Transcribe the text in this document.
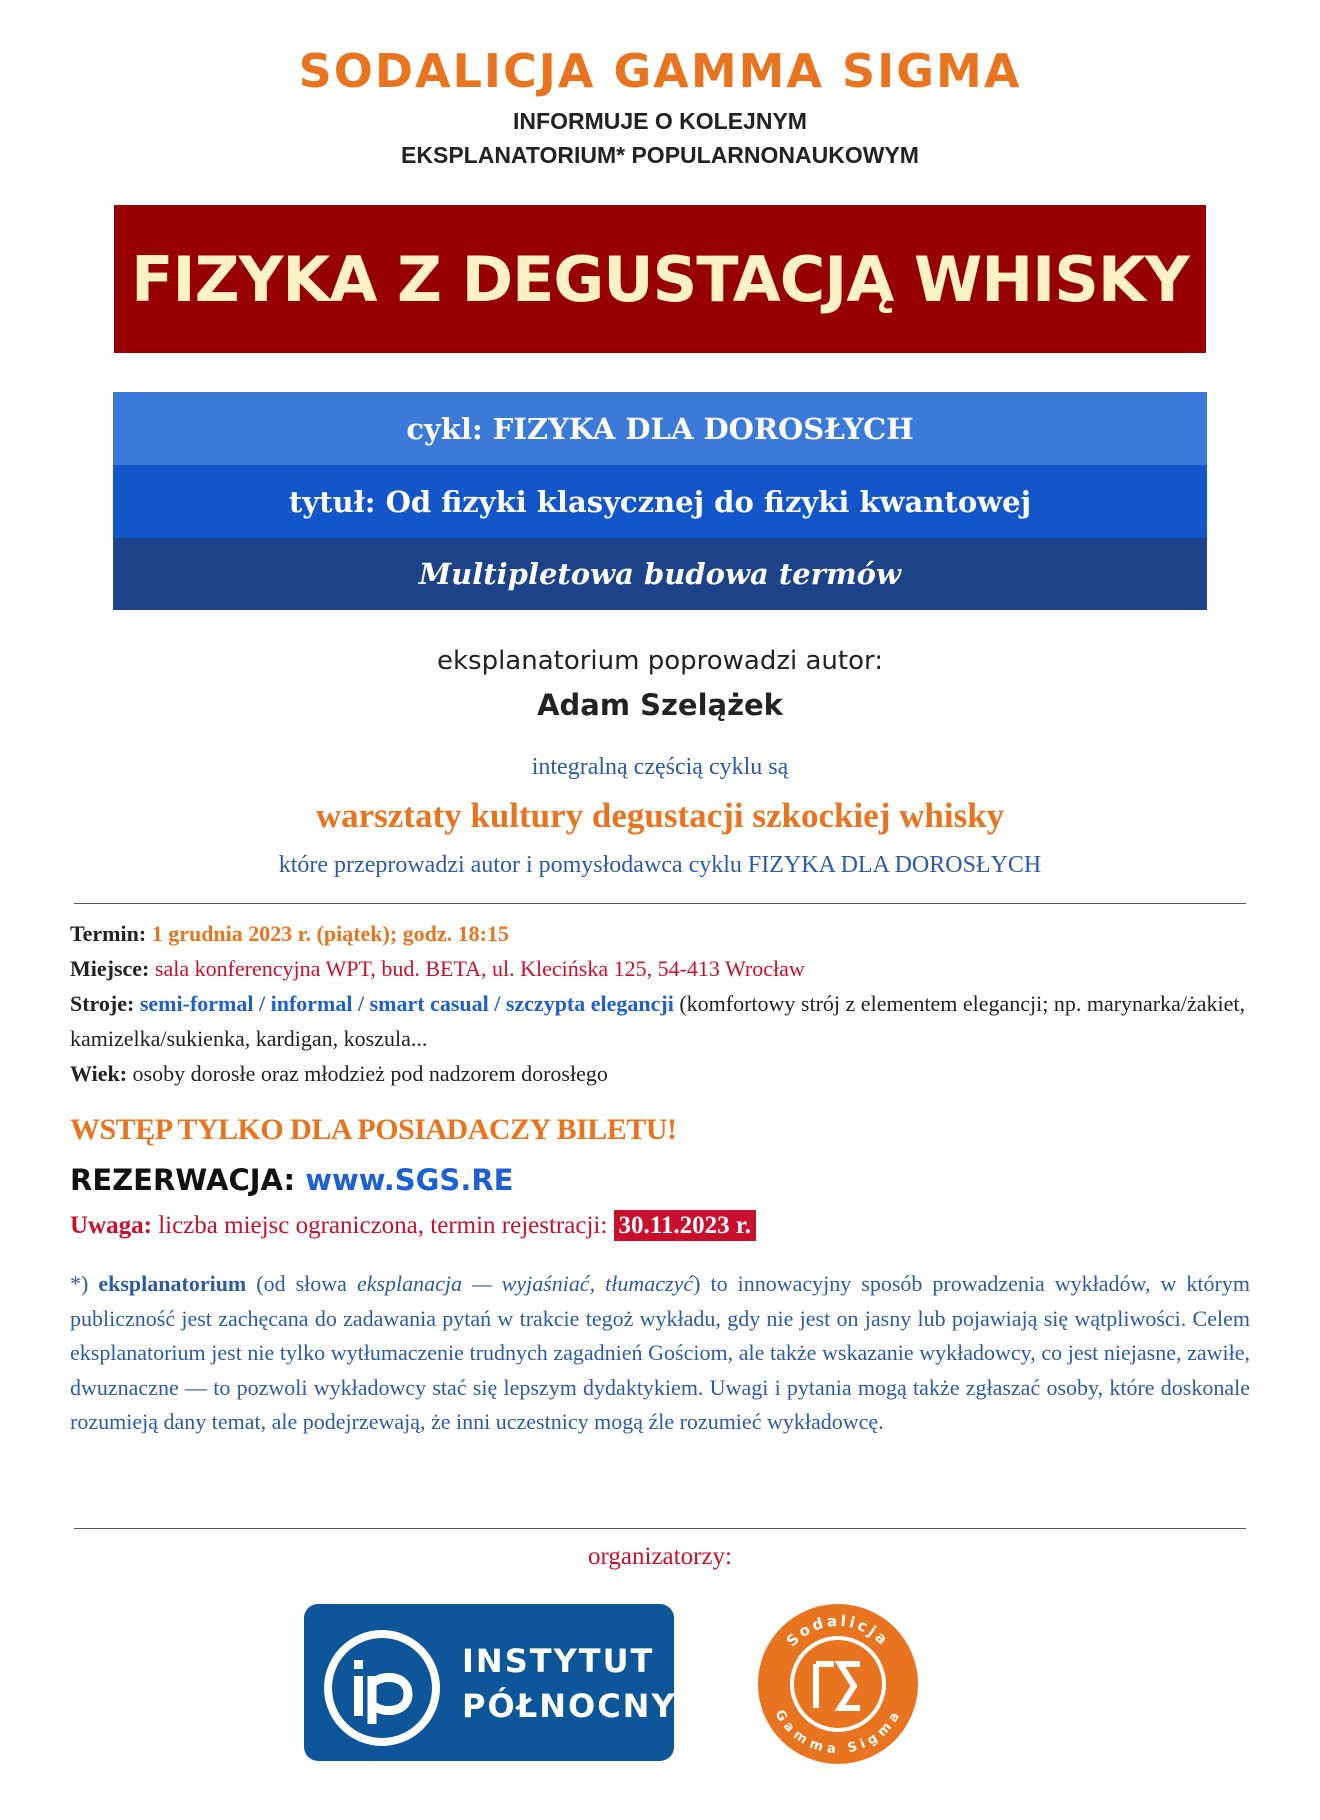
SODALICJA GAMMA SIGMA
INFORMUJE O KOLEJNYM
EKSPLANATORIUM* POPULARNONAUKOWYM
FIZYKA Z DEGUSTACJĄ WHISKY
cykl: FIZYKA DLA DOROSŁYCH
tytuł: Od fizyki klasycznej do fizyki kwantowej
Multipletowa budowa termów
eksplanatorium poprowadzi autor:
Adam Szelążek
integralną częścią cyklu są
warsztaty kultury degustacji szkockiej whisky
które przeprowadzi autor i pomysłodawca cyklu FIZYKA DLA DOROSŁYCH
Termin: 1 grudnia 2023 r. (piątek); godz. 18:15
Miejsce: sala konferencyjna WPT, bud. BETA, ul. Klecińska 125, 54-413 Wrocław
Stroje: semi-formal / informal / smart casual / szczypta elegancji (komfortowy strój z elementem elegancji; np. marynarka/żakiet, kamizelka/sukienka, kardigan, koszula...
Wiek: osoby dorosłe oraz młodzież pod nadzorem dorosłego
WSTĘP TYLKO DLA POSIADACZY BILETU!
REZERWACJA: www.SGS.RE
Uwaga: liczba miejsc ograniczona, termin rejestracji: 30.11.2023 r.
*) eksplanatorium (od słowa eksplanacja — wyjaśniać, tłumaczyć) to innowacyjny sposób prowadzenia wykładów, w którym publiczność jest zachęcana do zadawania pytań w trakcie tegoż wykładu, gdy nie jest on jasny lub pojawiają się wątpliwości. Celem eksplanatorium jest nie tylko wytłumaczenie trudnych zagadnień Gościom, ale także wskazanie wykładowcy, co jest niejasne, zawiłe, dwuznaczne — to pozwoli wykładowcy stać się lepszym dydaktykiem. Uwagi i pytania mogą także zgłaszać osoby, które doskonale rozumieją dany temat, ale podejrzewają, że inni uczestnicy mogą źle rozumieć wykładowcę.
organizatorzy:
INSTYTUT
PÓŁNOCNY
Sodalicja
Gamma Sigma
